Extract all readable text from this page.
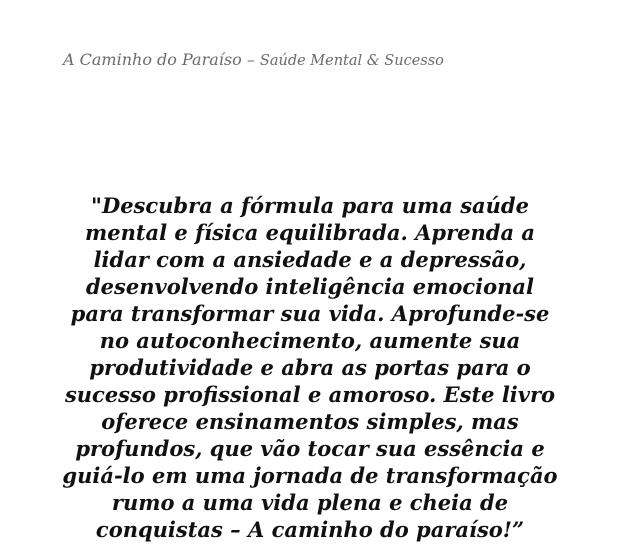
A Caminho do Paraíso – Saúde Mental & Sucesso
"Descubra a fórmula para uma saúde
mental e física equilibrada. Aprenda a
lidar com a ansiedade e a depressão,
desenvolvendo inteligência emocional
para transformar sua vida. Aprofunde-se
no autoconhecimento, aumente sua
produtividade e abra as portas para o
sucesso profissional e amoroso. Este livro
oferece ensinamentos simples, mas
profundos, que vão tocar sua essência e
guiá-lo em uma jornada de transformação
rumo a uma vida plena e cheia de
conquistas – A caminho do paraíso!”
